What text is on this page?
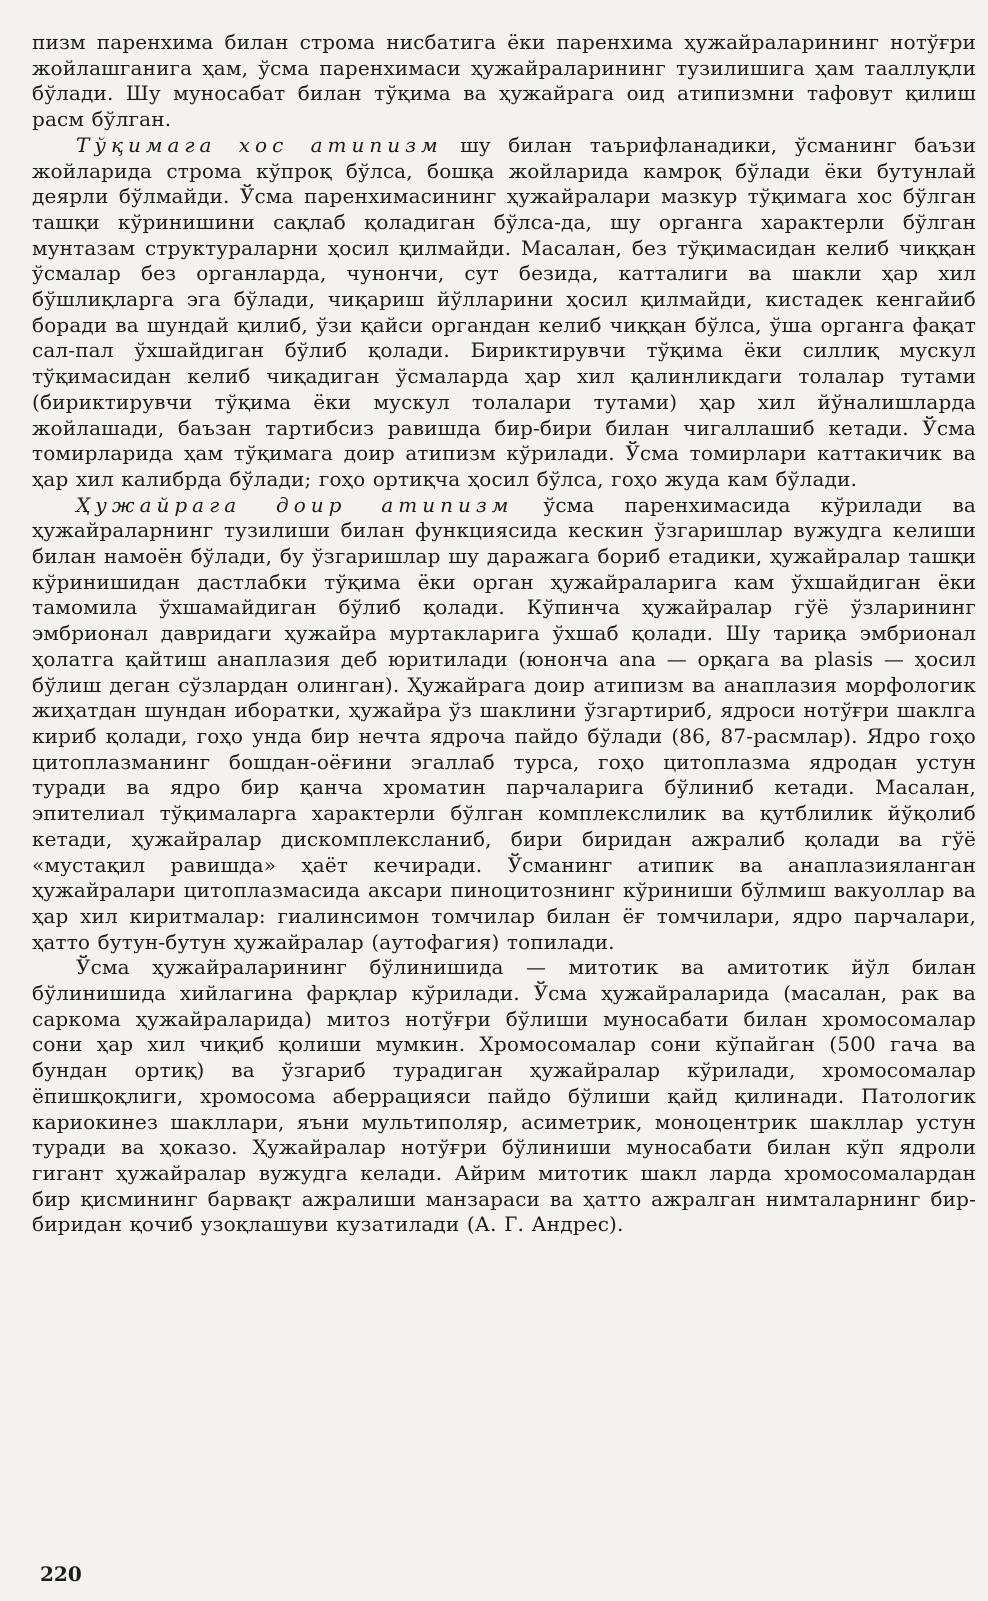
пизм паренхима билан строма нисбатига ёки паренхима ҳужайраларининг нотўғри жойлашганига ҳам, ўсма паренхимаси ҳужайраларининг тузилишига ҳам тааллуқли бўлади. Шу муносабат билан тўқима ва ҳужайрага оид атипизмни тафовут қилиш расм бўлган.

Тўқимага хос атипизм шу билан таърифланадики, ўсманинг баъзи жойларида строма кўпроқ бўлса, бошқа жойларида камроқ бўлади ёки бутунлай деярли бўлмайди. Ўсма паренхимасининг ҳужайралари мазкур тўқимага хос бўлган ташқи кўринишини сақлаб қоладиган бўлса-да, шу органга характерли бўлган мунтазам структураларни ҳосил қилмайди. Масалан, без тўқимасидан келиб чиққан ўсмалар без органларда, чунончи, сут безида, катталиги ва шакли ҳар хил бўшлиқларга эга бўлади, чиқариш йўлларини ҳосил қилмайди, кистадек кенгайиб боради ва шундай қилиб, ўзи қайси органдан келиб чиққан бўлса, ўша органга фақат сал-пал ўхшайдиган бўлиб қолади. Бириктирувчи тўқима ёки силлиқ мускул тўқимасидан келиб чиқадиган ўсмаларда ҳар хил қалинликдаги толалар тутами (бириктирувчи тўқима ёки мускул толалари тутами) ҳар хил йўналишларда жойлашади, баъзан тартибсиз равишда бир-бири билан чигаллашиб кетади. Ўсма томирларида ҳам тўқимага доир атипизм кўрилади. Ўсма томирлари каттакичик ва ҳар хил калибрда бўлади; гоҳо ортиқча ҳосил бўлса, гоҳо жуда кам бўлади.

Ҳужайрага доир атипизм ўсма паренхимасида кўрилади ва ҳужайраларнинг тузилиши билан функциясида кескин ўзгаришлар вужудга келиши билан намоён бўлади, бу ўзгаришлар шу даражага бориб етадики, ҳужайралар ташқи кўринишидан дастлабки тўқима ёки орган ҳужайраларига кам ўхшайдиган ёки тамомила ўхшамайдиган бўлиб қолади. Кўпинча ҳужайралар гўё ўзларининг эмбрионал давридаги ҳужайра муртакларига ўхшаб қолади. Шу тариқа эмбрионал ҳолатга қайтиш анаплазия деб юритилади (юнонча ana — орқага ва plasis — ҳосил бўлиш деган сўзлардан олинган). Ҳужайрага доир атипизм ва анаплазия морфологик жиҳатдан шундан иборатки, ҳужайра ўз шаклини ўзгартириб, ядроси нотўғри шаклга кириб қолади, гоҳо унда бир нечта ядроча пайдо бўлади (86, 87-расмлар). Ядро гоҳо цитоплазманинг бошдан-оёғини эгаллаб турса, гоҳо цитоплазма ядродан устун туради ва ядро бир қанча хроматин парчаларига бўлиниб кетади. Масалан, эпителиал тўқималарга характерли бўлган комплекслилик ва қутблилик йўқолиб кетади, ҳужайралар дискомплексланиб, бири биридан ажралиб қолади ва гўё «мустақил равишда» ҳаёт кечиради. Ўсманинг атипик ва анаплазияланган ҳужайралари цитоплазмасида аксари пиноцитознинг кўриниши бўлмиш вакуоллар ва ҳар хил киритмалар: гиалинсимон томчилар билан ёғ томчилари, ядро парчалари, ҳатто бутун-бутун ҳужайралар (аутофагия) топилади.

Ўсма ҳужайраларининг бўлинишида — митотик ва амитотик йўл билан бўлинишида хийлагина фарқлар кўрилади. Ўсма ҳужайраларида (масалан, рак ва саркома ҳужайраларида) митоз нотўғри бўлиши муносабати билан хромосомалар сони ҳар хил чиқиб қолиши мумкин. Хромосомалар сони кўпайган (500 гача ва бундан ортиқ) ва ўзгариб турадиган ҳужайралар кўрилади, хромосомалар ёпишқоқлиги, хромосома аберрацияси пайдо бўлиши қайд қилинади. Патологик кариокинез шакллари, яъни мультиполяр, асиметрик, моноцентрик шакллар устун туради ва ҳоказо. Ҳужайралар нотўғри бўлиниши муносабати билан кўп ядроли гигант ҳужайралар вужудга келади. Айрим митотик шакл ларда хромосомалардан бир қисмининг барвақт ажралиши манзараси ва ҳатто ажралган нимталарнинг бир-биридан қочиб узоқлашуви кузатилади (А. Г. Андрес).

220
